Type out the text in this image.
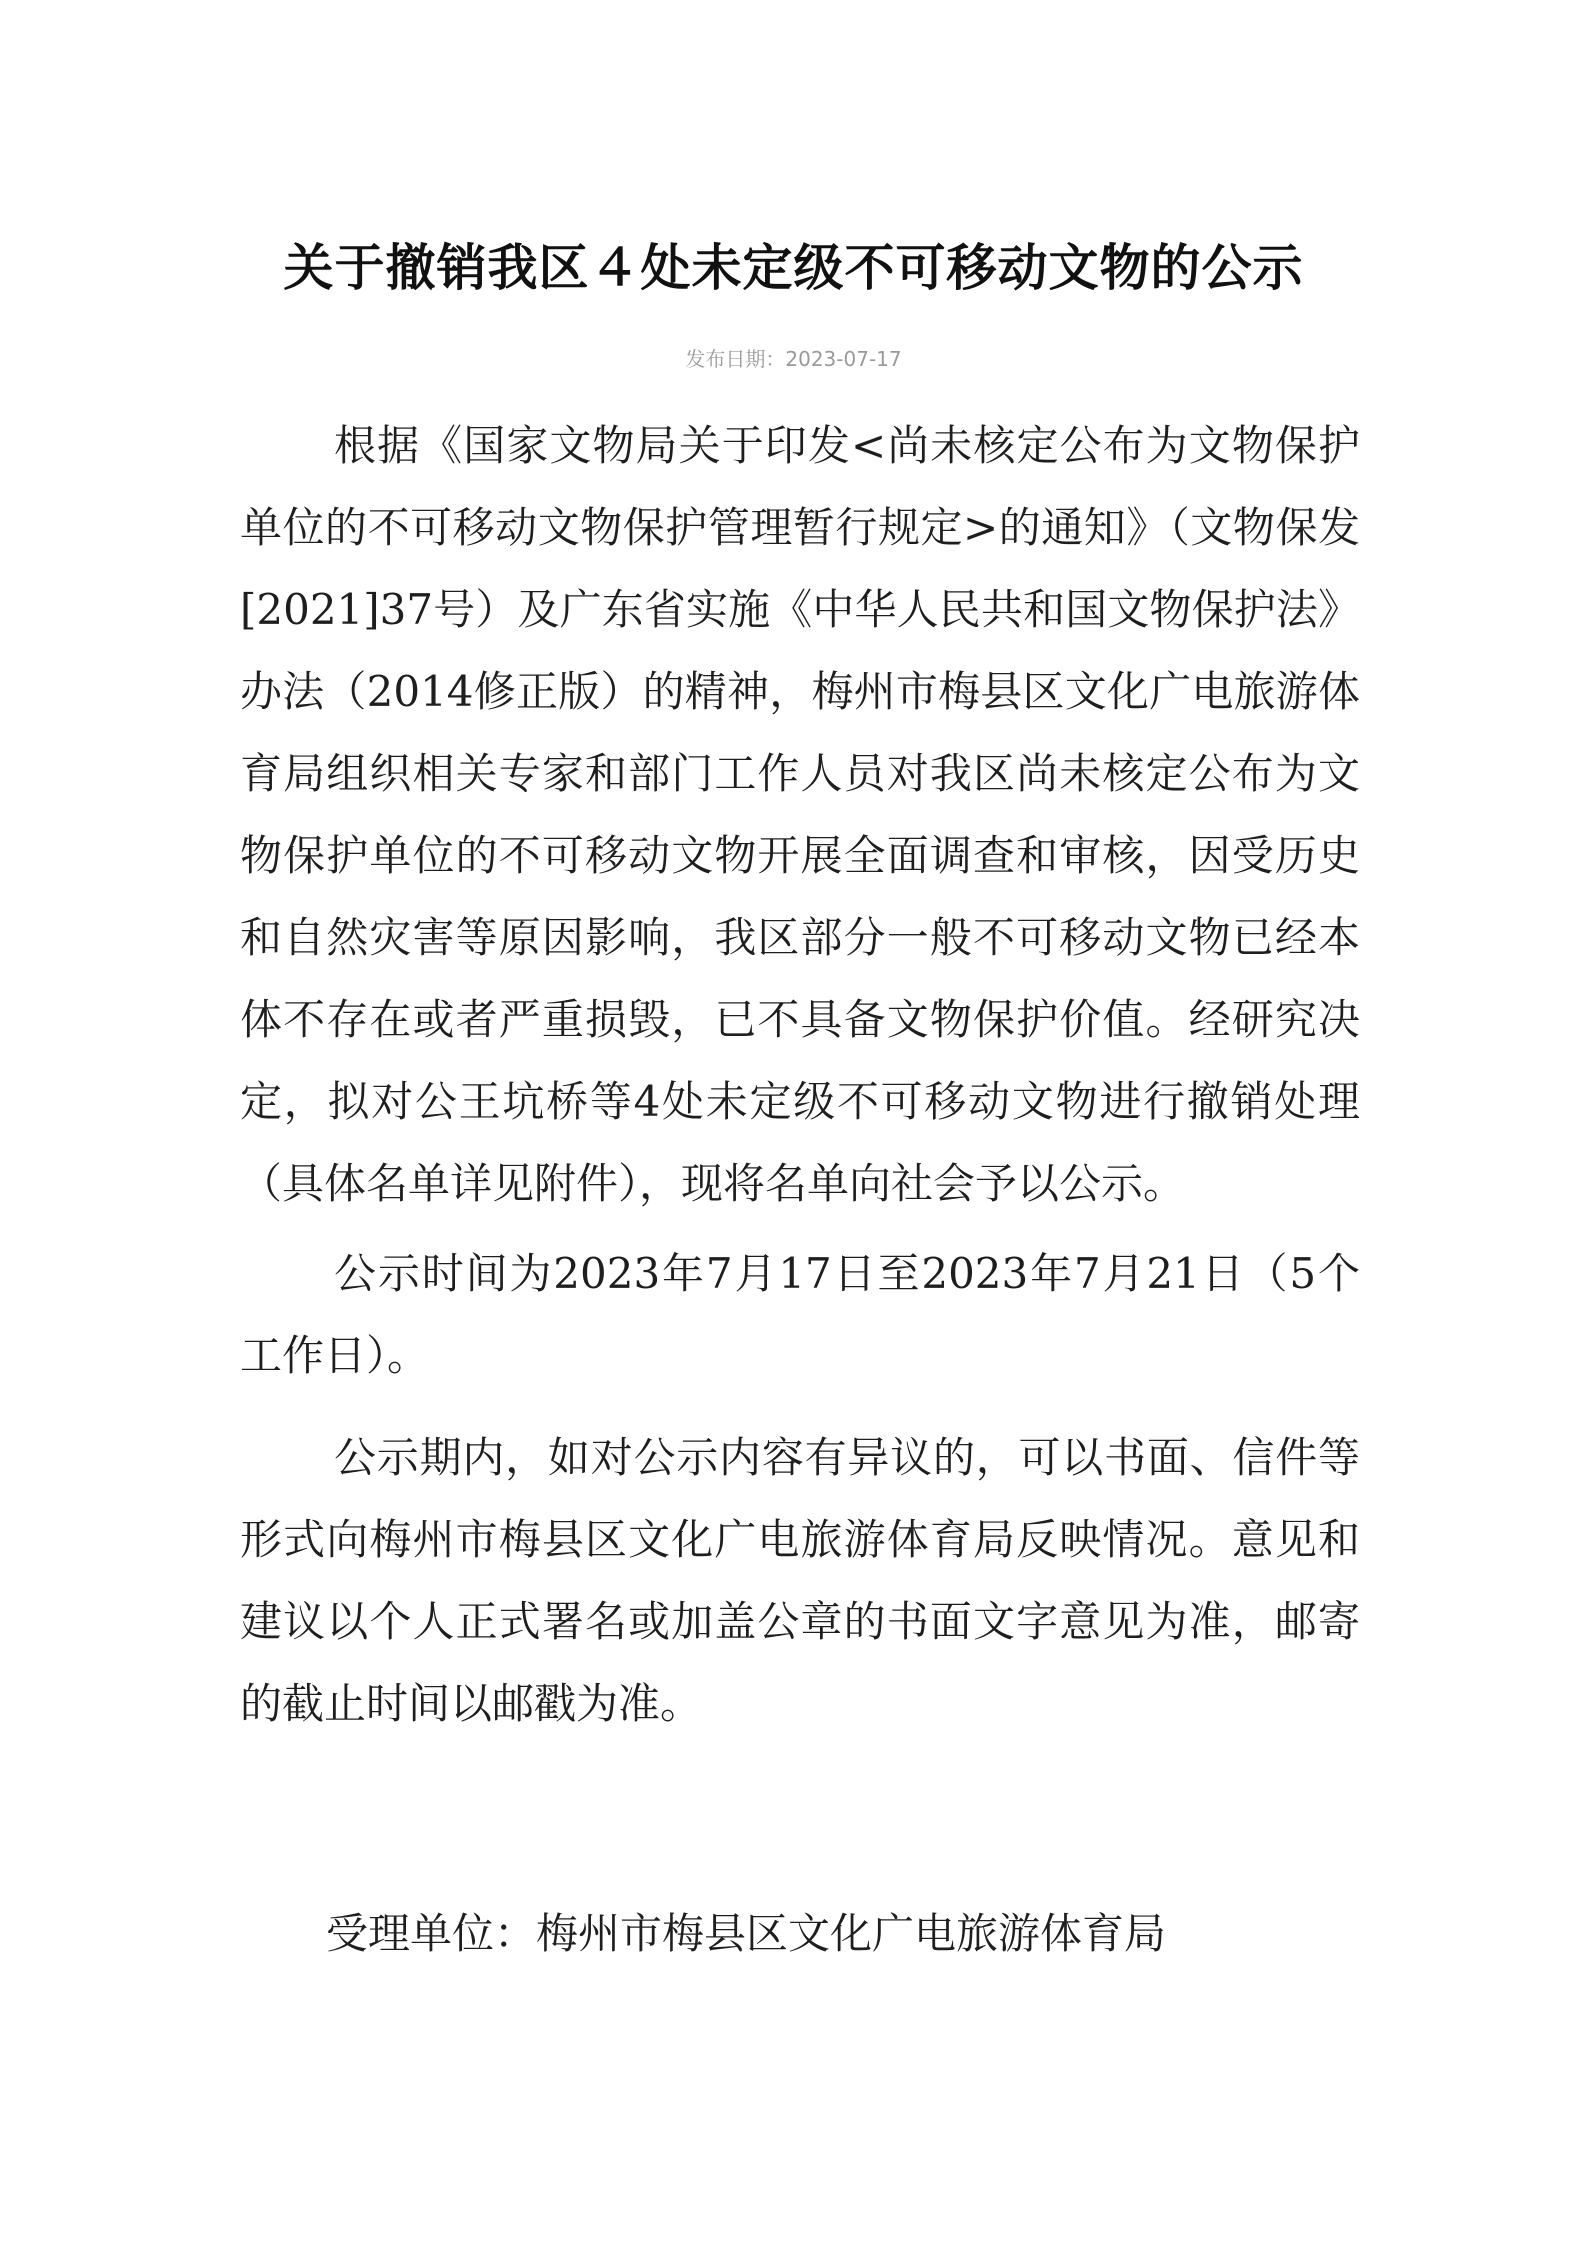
关于撤销我区４处未定级不可移动文物的公示
发布日期：2023-07-17

根据《国家文物局关于印发<尚未核定公布为文物保护单位的不可移动文物保护管理暂行规定>的通知》（文物保发[2021]37号）及广东省实施《中华人民共和国文物保护法》办法（2014修正版）的精神，梅州市梅县区文化广电旅游体育局组织相关专家和部门工作人员对我区尚未核定公布为文物保护单位的不可移动文物开展全面调查和审核，因受历史和自然灾害等原因影响，我区部分一般不可移动文物已经本体不存在或者严重损毁，已不具备文物保护价值。经研究决定，拟对公王坑桥等4处未定级不可移动文物进行撤销处理（具体名单详见附件），现将名单向社会予以公示。

公示时间为2023年7月17日至2023年7月21日（5个工作日）。

公示期内，如对公示内容有异议的，可以书面、信件等形式向梅州市梅县区文化广电旅游体育局反映情况。意见和建议以个人正式署名或加盖公章的书面文字意见为准，邮寄的截止时间以邮戳为准。

受理单位：梅州市梅县区文化广电旅游体育局
